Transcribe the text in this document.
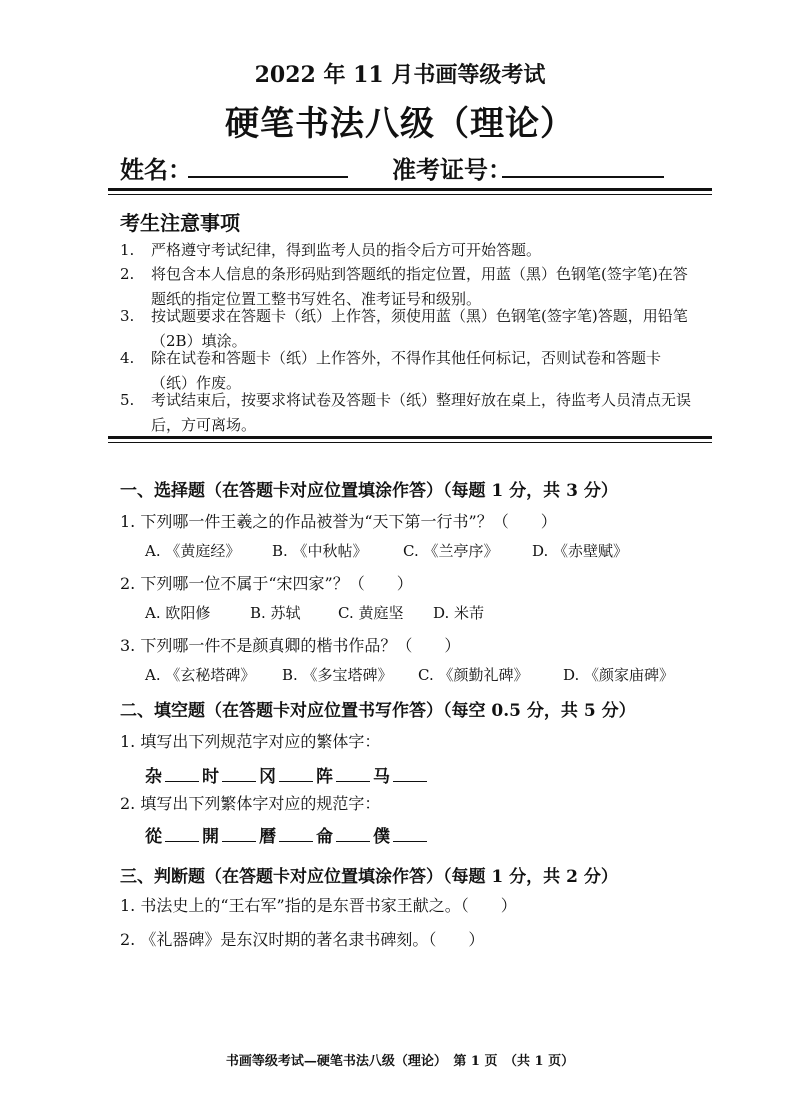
2022 年 11 月书画等级考试
硬笔书法八级（理论）
姓名：	准考证号：
考生注意事项
1. 严格遵守考试纪律，得到监考人员的指令后方可开始答题。
2. 将包含本人信息的条形码贴到答题纸的指定位置，用蓝（黑）色钢笔(签字笔)在答题纸的指定位置工整书写姓名、准考证号和级别。
3. 按试题要求在答题卡（纸）上作答，须使用蓝（黑）色钢笔(签字笔)答题，用铅笔（2B）填涂。
4. 除在试卷和答题卡（纸）上作答外，不得作其他任何标记，否则试卷和答题卡（纸）作废。
5. 考试结束后，按要求将试卷及答题卡（纸）整理好放在桌上，待监考人员清点无误后，方可离场。
一、选择题（在答题卡对应位置填涂作答）（每题 1 分，共 3 分）
1. 下列哪一件王羲之的作品被誉为“天下第一行书”？（　　）
A. 《黄庭经》 B. 《中秋帖》 C. 《兰亭序》 D. 《赤壁赋》
2. 下列哪一位不属于“宋四家”？（　　）
A. 欧阳修	B. 苏轼 C. 黄庭坚 D. 米芾
3. 下列哪一件不是颜真卿的楷书作品？（　　）
A. 《玄秘塔碑》 B. 《多宝塔碑》 C. 《颜勤礼碑》 D. 《颜家庙碑》
二、填空题（在答题卡对应位置书写作答）（每空 0.5 分，共 5 分）
1. 填写出下列规范字对应的繁体字：
杂 时 冈 阵 马
2. 填写出下列繁体字对应的规范字：
從 開 曆 侖 僕
三、判断题（在答题卡对应位置填涂作答）（每题 1 分，共 2 分）
1. 书法史上的“王右军”指的是东晋书家王献之。（　　）
2. 《礼器碑》是东汉时期的著名隶书碑刻。（　　）
书画等级考试—硬笔书法八级（理论）　第 1 页　（共 1 页）
